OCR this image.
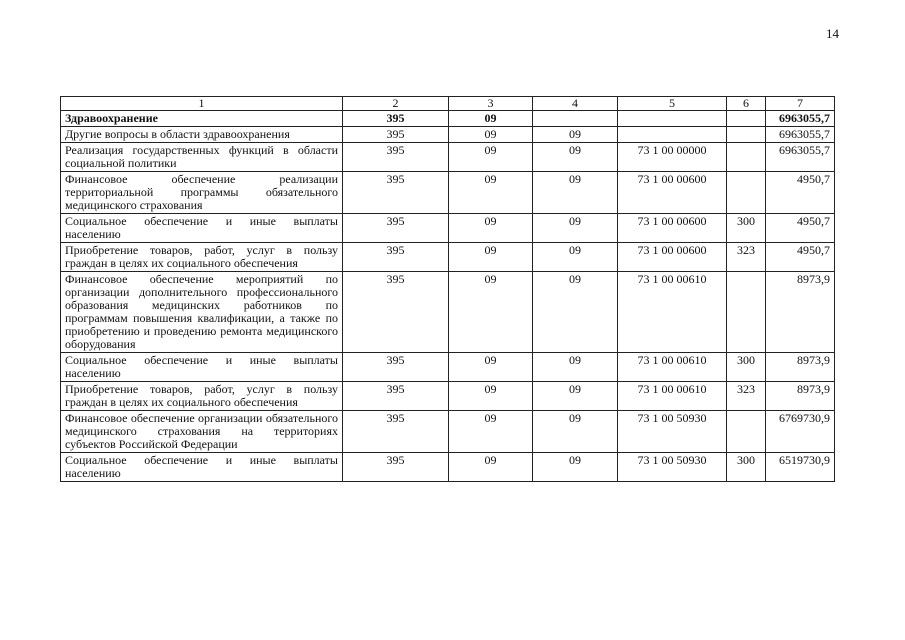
14
1	2	3	4	5	6	7
Здравоохранение	395	09				6963055,7
Другие вопросы в области здравоохранения	395	09	09			6963055,7
Реализация государственных функций в области социальной политики	395	09	09	73 1 00 00000		6963055,7
Финансовое обеспечение реализации территориальной программы обязательного медицинского страхования	395	09	09	73 1 00 00600		4950,7
Социальное обеспечение и иные выплаты населению	395	09	09	73 1 00 00600	300	4950,7
Приобретение товаров, работ, услуг в пользу граждан в целях их социального обеспечения	395	09	09	73 1 00 00600	323	4950,7
Финансовое обеспечение мероприятий по организации дополнительного профессионального образования медицинских работников по программам повышения квалификации, а также по приобретению и проведению ремонта медицинского оборудования	395	09	09	73 1 00 00610		8973,9
Социальное обеспечение и иные выплаты населению	395	09	09	73 1 00 00610	300	8973,9
Приобретение товаров, работ, услуг в пользу граждан в целях их социального обеспечения	395	09	09	73 1 00 00610	323	8973,9
Финансовое обеспечение организации обязательного медицинского страхования на территориях субъектов Российской Федерации	395	09	09	73 1 00 50930		6769730,9
Социальное обеспечение и иные выплаты населению	395	09	09	73 1 00 50930	300	6519730,9
